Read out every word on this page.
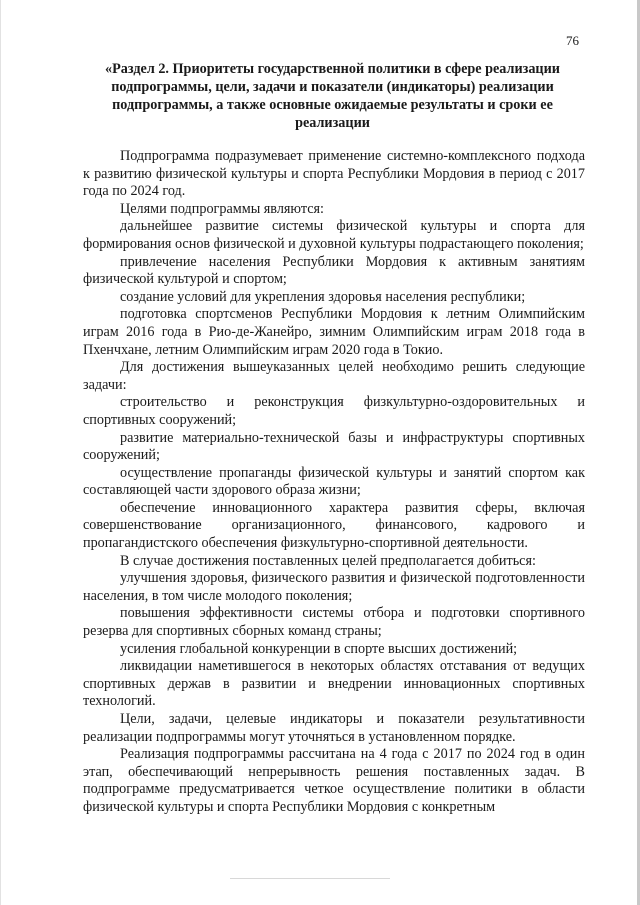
76
«Раздел 2. Приоритеты государственной политики в сфере реализации подпрограммы, цели, задачи и показатели (индикаторы) реализации подпрограммы, а также основные ожидаемые результаты и сроки ее реализации

Подпрограмма подразумевает применение системно-комплексного подхода к развитию физической культуры и спорта Республики Мордовия в период с 2017 года по 2024 год.

Целями подпрограммы являются:

дальнейшее развитие системы физической культуры и спорта для формирования основ физической и духовной культуры подрастающего поколения;

привлечение населения Республики Мордовия к активным занятиям физической культурой и спортом;

создание условий для укрепления здоровья населения республики;

подготовка спортсменов Республики Мордовия к летним Олимпийским играм 2016 года в Рио-де-Жанейро, зимним Олимпийским играм 2018 года в Пхенчхане, летним Олимпийским играм 2020 года в Токио.

Для достижения вышеуказанных целей необходимо решить следующие задачи:

строительство и реконструкция физкультурно-оздоровительных и спортивных сооружений;

развитие материально-технической базы и инфраструктуры спортивных сооружений;

осуществление пропаганды физической культуры и занятий спортом как составляющей части здорового образа жизни;

обеспечение инновационного характера развития сферы, включая совершенствование организационного, финансового, кадрового и пропагандистского обеспечения физкультурно-спортивной деятельности.

В случае достижения поставленных целей предполагается добиться:

улучшения здоровья, физического развития и физической подготовленности населения, в том числе молодого поколения;

повышения эффективности системы отбора и подготовки спортивного резерва для спортивных сборных команд страны;

усиления глобальной конкуренции в спорте высших достижений;

ликвидации наметившегося в некоторых областях отставания от ведущих спортивных держав в развитии и внедрении инновационных спортивных технологий.

Цели, задачи, целевые индикаторы и показатели результативности реализации подпрограммы могут уточняться в установленном порядке.

Реализация подпрограммы рассчитана на 4 года с 2017 по 2024 год в один этап, обеспечивающий непрерывность решения поставленных задач. В подпрограмме предусматривается четкое осуществление политики в области физической культуры и спорта Республики Мордовия с конкретным
